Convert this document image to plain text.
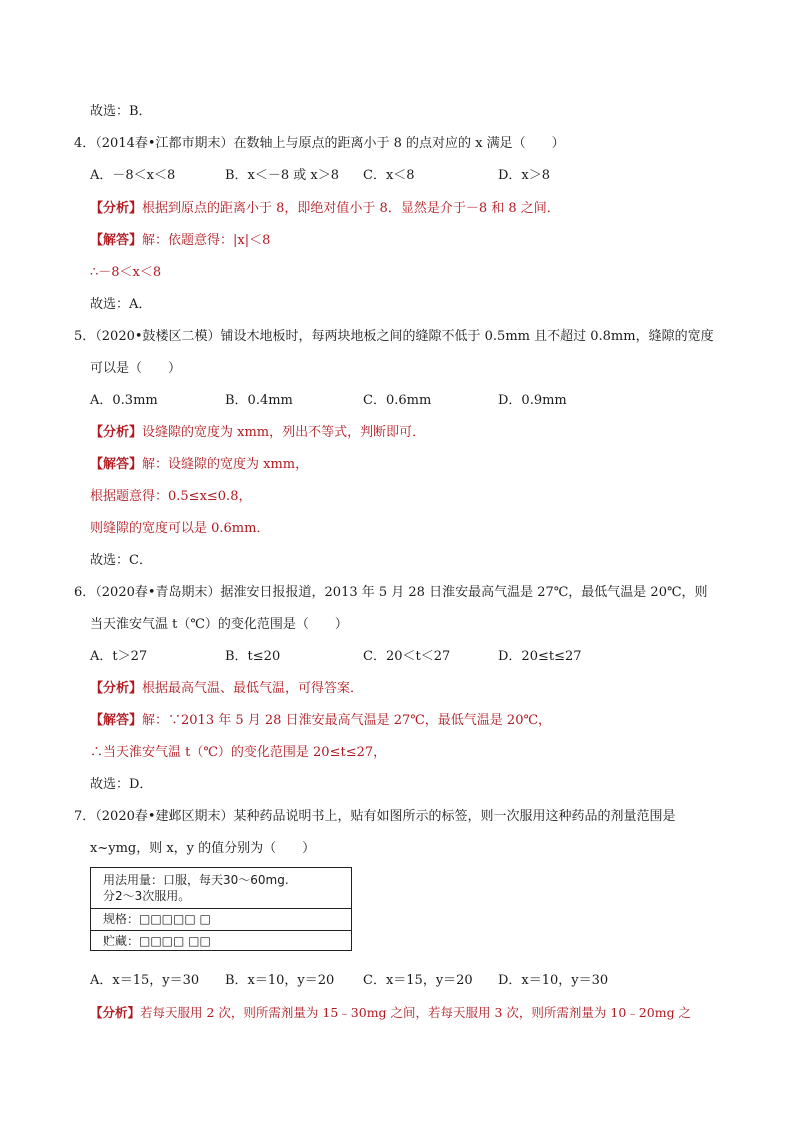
故选：B．
4．（2014春•江都市期末）在数轴上与原点的距离小于 8 的点对应的 x 满足（　　）
A．－8＜x＜8	B．x＜－8 或 x＞8 C．x＜8	D．x＞8
【分析】根据到原点的距离小于 8，即绝对值小于 8．显然是介于－8 和 8 之间．
【解答】解：依题意得：|x|＜8
∴－8＜x＜8
故选：A．
5．（2020•鼓楼区二模）铺设木地板时，每两块地板之间的缝隙不低于 0.5mm 且不超过 0.8mm，缝隙的宽度
可以是（　　）
A．0.3mm	B．0.4mm	C．0.6mm	D．0.9mm
【分析】设缝隙的宽度为 xmm，列出不等式，判断即可．
【解答】解：设缝隙的宽度为 xmm，
根据题意得：0.5≤x≤0.8，
则缝隙的宽度可以是 0.6mm．
故选：C．
6．（2020春•青岛期末）据淮安日报报道，2013 年 5 月 28 日淮安最高气温是 27℃，最低气温是 20℃，则
当天淮安气温 t（℃）的变化范围是（　　）
A．t＞27	B．t≤20	C．20＜t＜27	D．20≤t≤27
【分析】根据最高气温、最低气温，可得答案．
【解答】解：∵2013 年 5 月 28 日淮安最高气温是 27℃，最低气温是 20℃，
∴当天淮安气温 t（℃）的变化范围是 20≤t≤27，
故选：D．
7．（2020春•建邺区期末）某种药品说明书上，贴有如图所示的标签，则一次服用这种药品的剂量范围是
x~ymg，则 x，y 的值分别为（　　）
用法用量：口服，每天30～60mg.
分2～3次服用。
规格：□□□□□ □
贮藏：□□□□ □□
A．x＝15，y＝30 B．x＝10，y＝20 C．x＝15，y＝20 D．x＝10，y＝30
【分析】若每天服用 2 次，则所需剂量为 15﹣30mg 之间，若每天服用 3 次，则所需剂量为 10﹣20mg 之
